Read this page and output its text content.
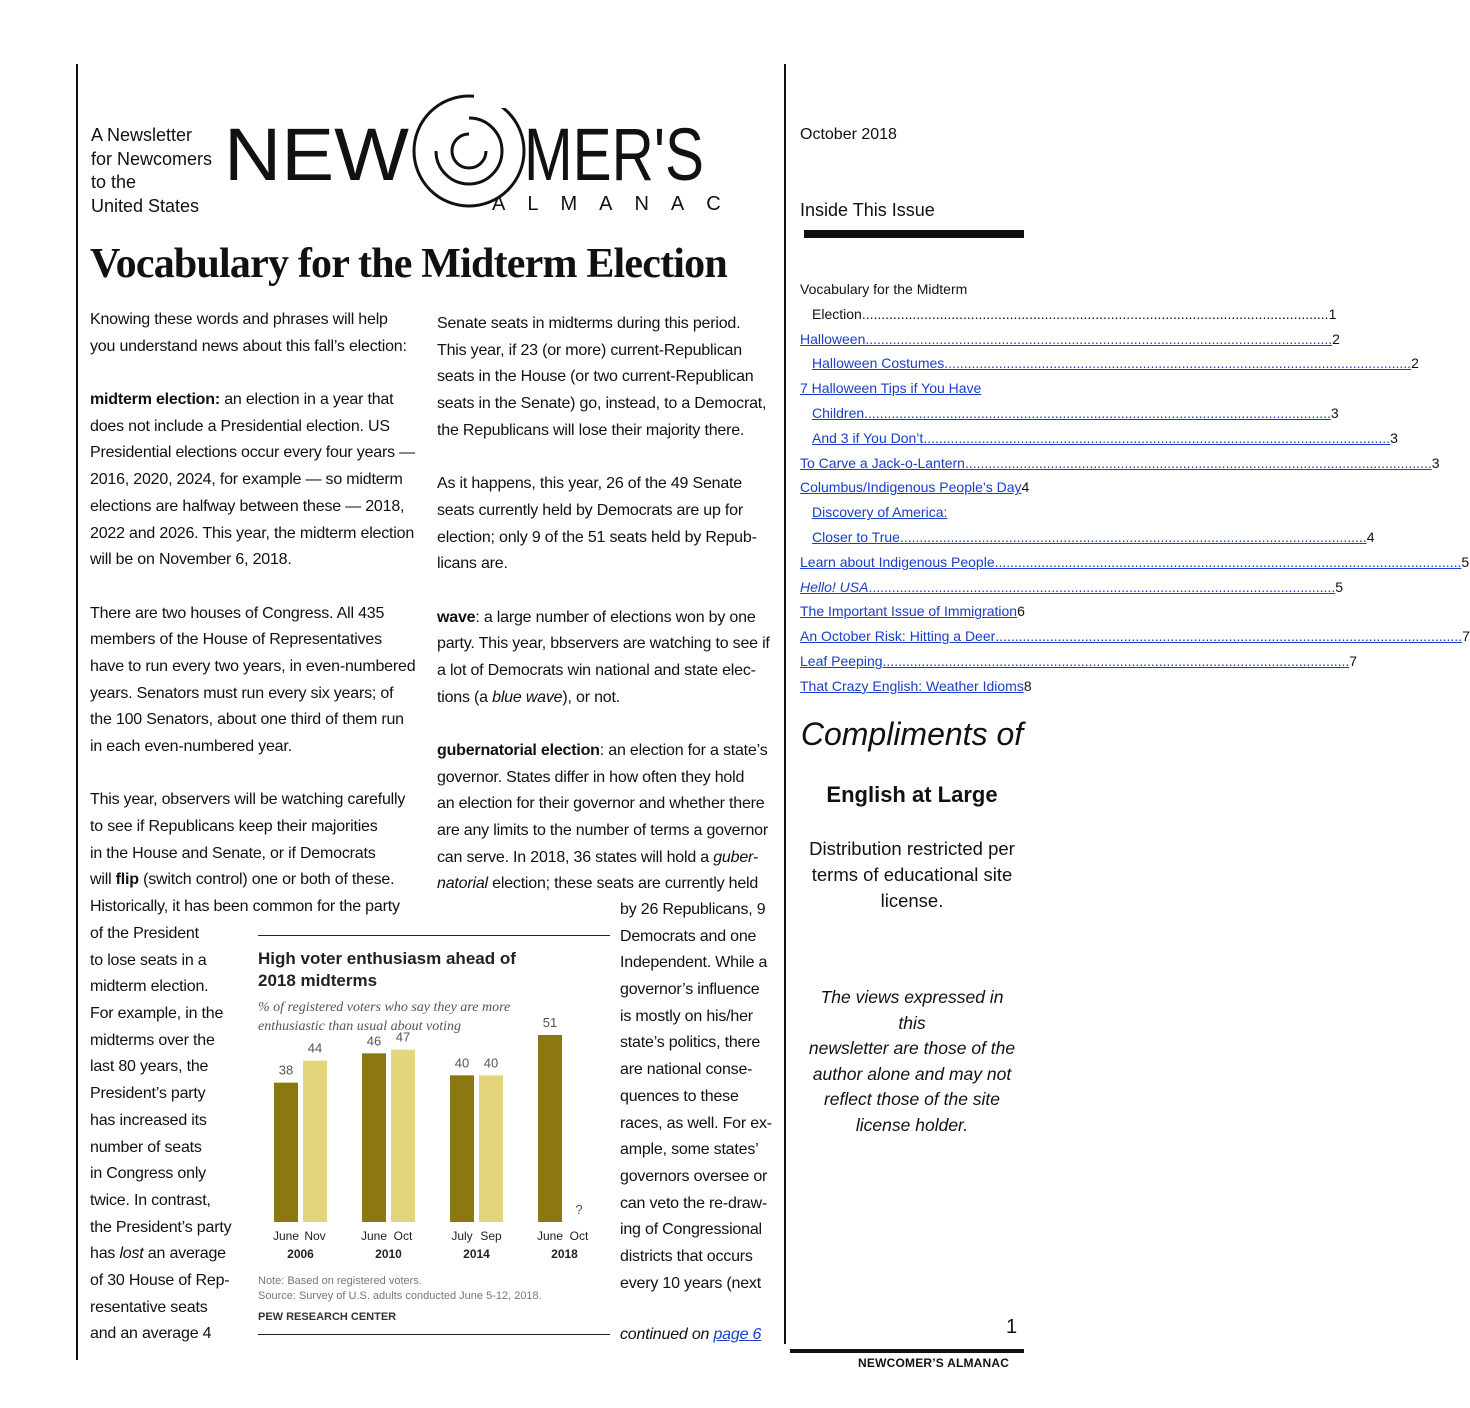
A Newsletter
for Newcomers
to the
United States
NEW MER'S
ALMANAC
October 2018
Inside This Issue
Vocabulary for the Midterm
Election .....	1
Halloween .....	2
Halloween Costumes .....	2
7 Halloween Tips if You Have
Children .....	3
And 3 if You Don’t .....	3
To Carve a Jack-o-Lantern .....	3
Columbus/Indigenous People’s Day 4
Discovery of America:
Closer to True .....	4
Learn about Indigenous People .....	5
Hello! USA .....	5
The Important Issue of Immigration 6
An October Risk: Hitting a Deer .....	7
Leaf Peeping .....	7
That Crazy English: Weather Idioms 8
Compliments of
English at Large
Distribution restricted per
terms of educational site
license.
The views expressed in this
newsletter are those of the
author alone and may not
reflect those of the site
license holder.
1
NEWCOMER’S ALMANAC
Vocabulary for the Midterm Election
Knowing these words and phrases will help
you understand news about this fall’s election:
midterm election: an election in a year that
does not include a Presidential election. US
Presidential elections occur every four years —
2016, 2020, 2024, for example — so midterm
elections are halfway between these — 2018,
2022 and 2026. This year, the midterm election
will be on November 6, 2018.
There are two houses of Congress. All 435
members of the House of Representatives
have to run every two years, in even-numbered
years. Senators must run every six years; of
the 100 Senators, about one third of them run
in each even-numbered year.
This year, observers will be watching carefully
to see if Republicans keep their majorities
in the House and Senate, or if Democrats
will flip (switch control) one or both of these.
Historically, it has been common for the party
Senate seats in midterms during this period.
This year, if 23 (or more) current-Republican
seats in the House (or two current-Republican
seats in the Senate) go, instead, to a Democrat,
the Republicans will lose their majority there.
As it happens, this year, 26 of the 49 Senate
seats currently held by Democrats are up for
election; only 9 of the 51 seats held by Repub-
licans are.
wave: a large number of elections won by one
party. This year, bbservers are watching to see if
a lot of Democrats win national and state elec-
tions (a blue wave), or not.
gubernatorial election: an election for a state’s
governor. States differ in how often they hold
an election for their governor and whether there
are any limits to the number of terms a governor
can serve. In 2018, 36 states will hold a guber-
natorial election; these seats are currently held
of the President
to lose seats in a
midterm election.
For example, in the
midterms over the
last 80 years, the
President’s party
has increased its
number of seats
in Congress only
twice. In contrast,
the President’s party
has lost an average
of 30 House of Rep-
resentative seats
and an average 4
by 26 Republicans, 9
Democrats and one
Independent. While a
governor’s influence
is mostly on his/her
state’s politics, there
are national conse-
quences to these
races, as well. For ex-
ample, some states’
governors oversee or
can veto the re-draw-
ing of Congressional
districts that occurs
every 10 years (next
continued on page 6
High voter enthusiasm ahead of 2018 midterms
% of registered voters who say they are more enthusiastic than usual about voting
38
June
44
Nov
2006
46
June
47
Oct
2010
40
July
40
Sep
2014
51
June
?
Oct
2018
Note: Based on registered voters.
Source: Survey of U.S. adults conducted June 5-12, 2018.
PEW RESEARCH CENTER
